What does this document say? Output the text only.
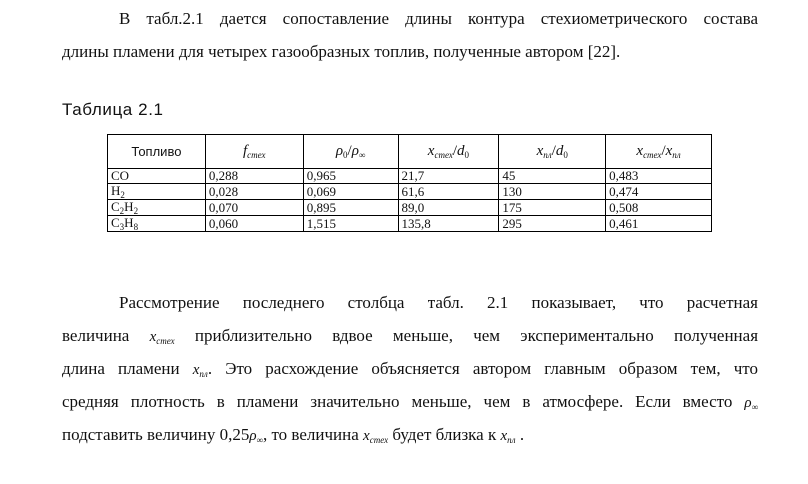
В табл.2.1 дается сопоставление длины контура стехиометрического состава
длины пламени для четырех газообразных топлив, полученные автором [22].
Таблица 2.1
Топливо	$f_{стех}$	$\rho_0/\rho_\infty$	$x_{стех}/d_0$	$x_{пл}/d_0$	$x_{стех}/x_{пл}$
CO	0,288	0,965	21,7	45	0,483
$H_2$	0,028	0,069	61,6	130	0,474
$C_2H_2$	0,070	0,895	89,0	175	0,508
$C_3H_8$	0,060	1,515	135,8	295	0,461
Рассмотрение последнего столбца табл. 2.1 показывает, что расчетная
величина $x_{стех}$ приблизительно вдвое меньше, чем экспериментально полученная
длина пламени $x_{пл}$. Это расхождение объясняется автором главным образом тем, что
средняя плотность в пламени значительно меньше, чем в атмосфере. Если вместо $\rho_\infty$
подставить величину $0,25\rho_\infty$, то величина $x_{стех}$ будет близка к $x_{пл}$ .
